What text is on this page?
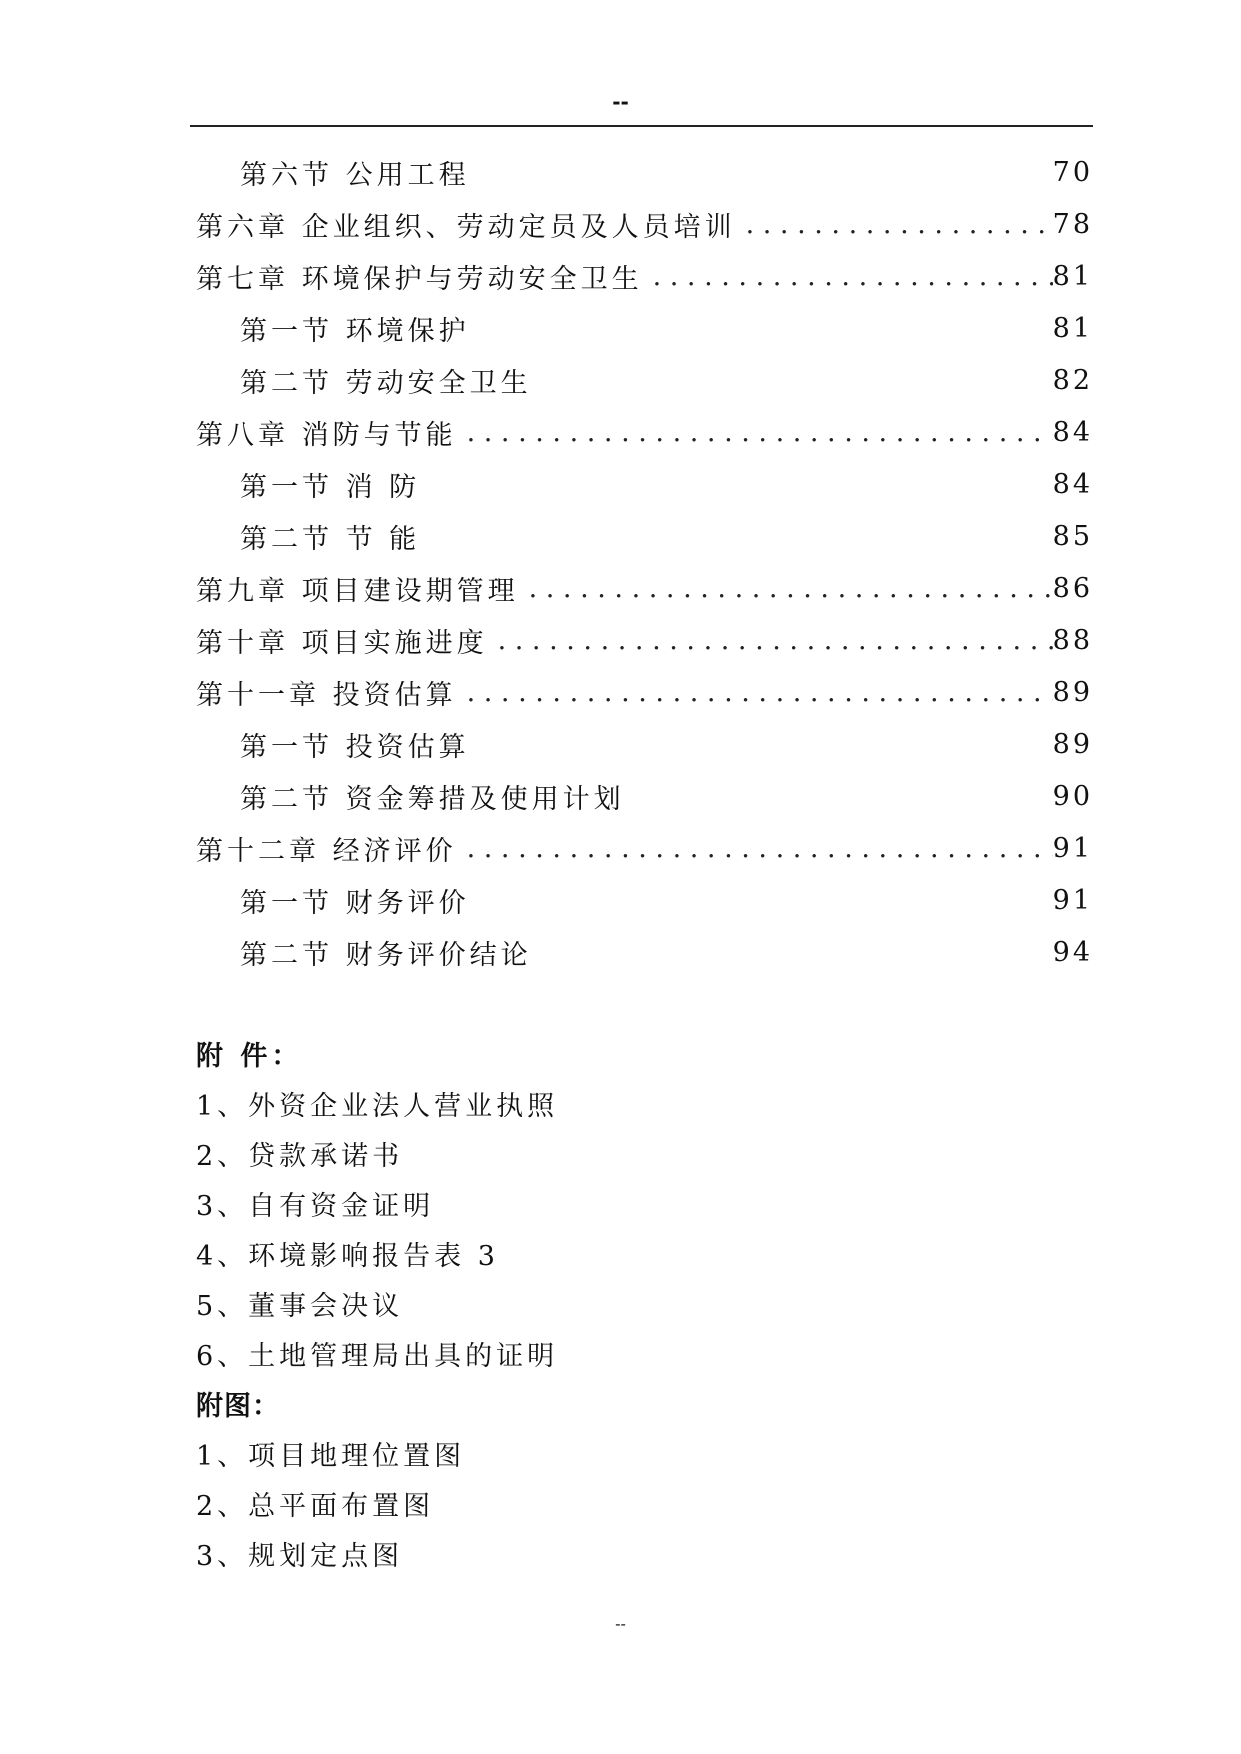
--
第六节 公用工程	70
第六章 企业组织、劳动定员及人员培训 . . .	78
第七章 环境保护与劳动安全卫生 . . .	81
第一节 环境保护	81
第二节 劳动安全卫生	82
第八章 消防与节能 . . .	84
第一节 消 防	84
第二节 节 能	85
第九章 项目建设期管理 . . .	86
第十章 项目实施进度 . . .	88
第十一章 投资估算 . . .	89
第一节 投资估算	89
第二节 资金筹措及使用计划	90
第十二章 经济评价 . . .	91
第一节 财务评价	91
第二节 财务评价结论	94
附 件：
1、外资企业法人营业执照
2、贷款承诺书
3、自有资金证明
4、环境影响报告表 3
5、董事会决议
6、土地管理局出具的证明
附图：
1、项目地理位置图
2、总平面布置图
3、规划定点图
--
